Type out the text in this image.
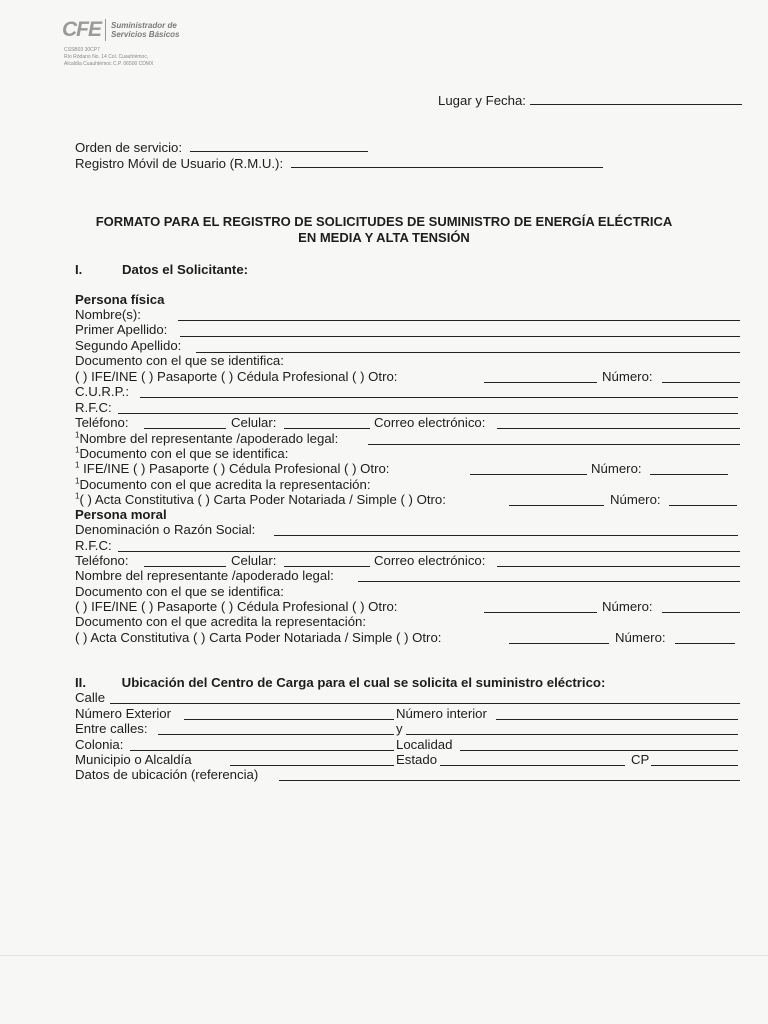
CFE Suministrador de
Servicios Básicos
CSSB03 30CP7
Río Ródano No. 14 Col. Cuauhtémoc,
Alcaldía Cuauhtémoc C.P. 06500 CDMX
Lugar y Fecha:
Orden de servicio:
Registro Móvil de Usuario (R.M.U.):
FORMATO PARA EL REGISTRO DE SOLICITUDES DE SUMINISTRO DE ENERGÍA ELÉCTRICA
EN MEDIA Y ALTA TENSIÓN
I.	Datos el Solicitante:
Persona física
Nombre(s):
Primer Apellido:
Segundo Apellido:
Documento con el que se identifica:
( ) IFE/INE ( ) Pasaporte ( ) Cédula Profesional ( ) Otro:	Número:
C.U.R.P.:
R.F.C:
Teléfono:	Celular:	Correo electrónico:
$^1$Nombre del representante /apoderado legal:
$^1$Documento con el que se identifica:
$^1$ IFE/INE ( ) Pasaporte ( ) Cédula Profesional ( ) Otro:	Número:
$^1$Documento con el que acredita la representación:
$^1$( ) Acta Constitutiva ( ) Carta Poder Notariada / Simple ( ) Otro:	Número:
Persona moral
Denominación o Razón Social:
R.F.C:
Teléfono:	Celular:	Correo electrónico:
Nombre del representante /apoderado legal:
Documento con el que se identifica:
( ) IFE/INE ( ) Pasaporte ( ) Cédula Profesional ( ) Otro:	Número:
Documento con el que acredita la representación:
( ) Acta Constitutiva ( ) Carta Poder Notariada / Simple ( ) Otro:	Número:
II.	Ubicación del Centro de Carga para el cual se solicita el suministro eléctrico:
Calle
Número Exterior	Número interior
Entre calles:	y
Colonia:	Localidad
Municipio o Alcaldía	Estado	CP
Datos de ubicación (referencia)
